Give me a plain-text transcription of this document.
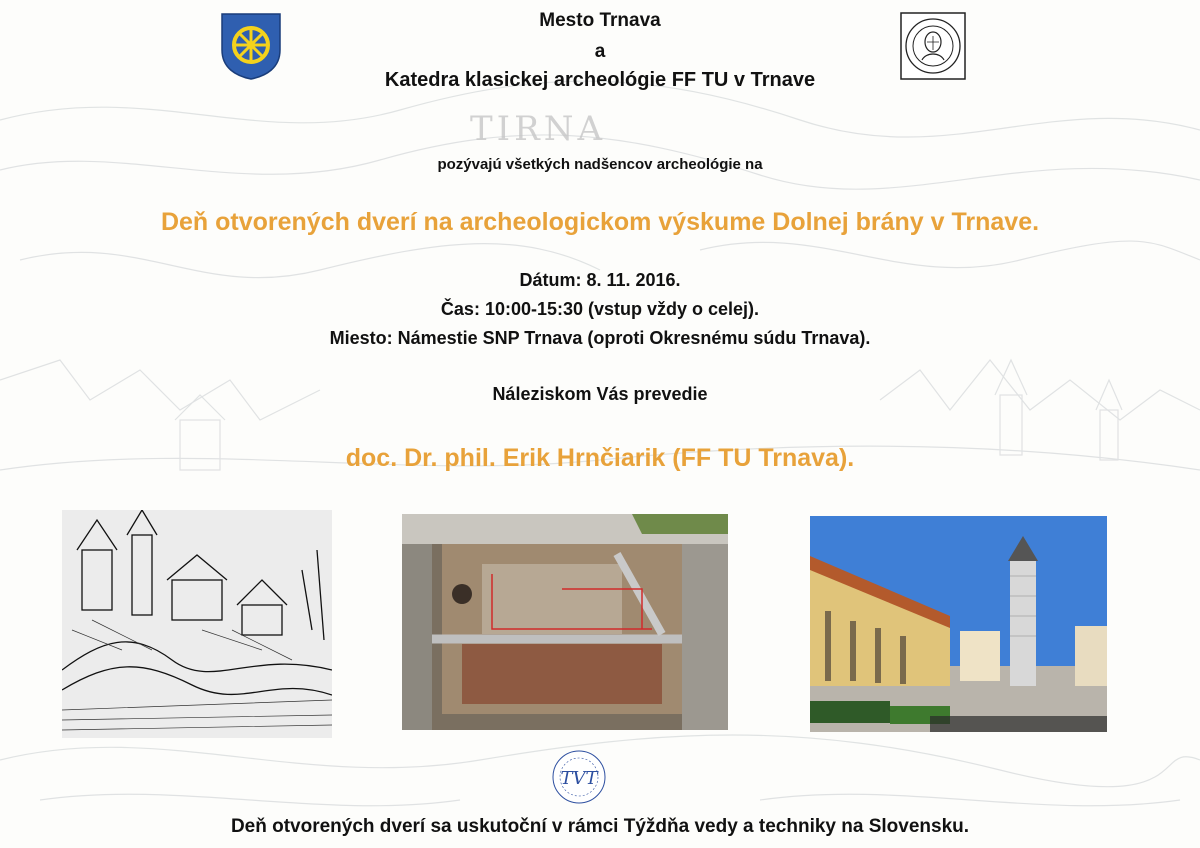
TIRNA
Mesto Trnava
a
Katedra klasickej archeológie FF TU v Trnave
pozývajú všetkých nadšencov archeológie na
Deň otvorených dverí na archeologickom výskume Dolnej brány v Trnave.
Dátum: 8. 11. 2016.
Čas: 10:00-15:30 (vstup vždy o celej).
Miesto: Námestie SNP Trnava (oproti Okresnému súdu Trnava).
Náleziskom Vás prevedie
doc. Dr. phil. Erik Hrnčiarik (FF TU Trnava).
TVT
Deň otvorených dverí sa uskutoční v rámci Týždňa vedy a techniky na Slovensku.
